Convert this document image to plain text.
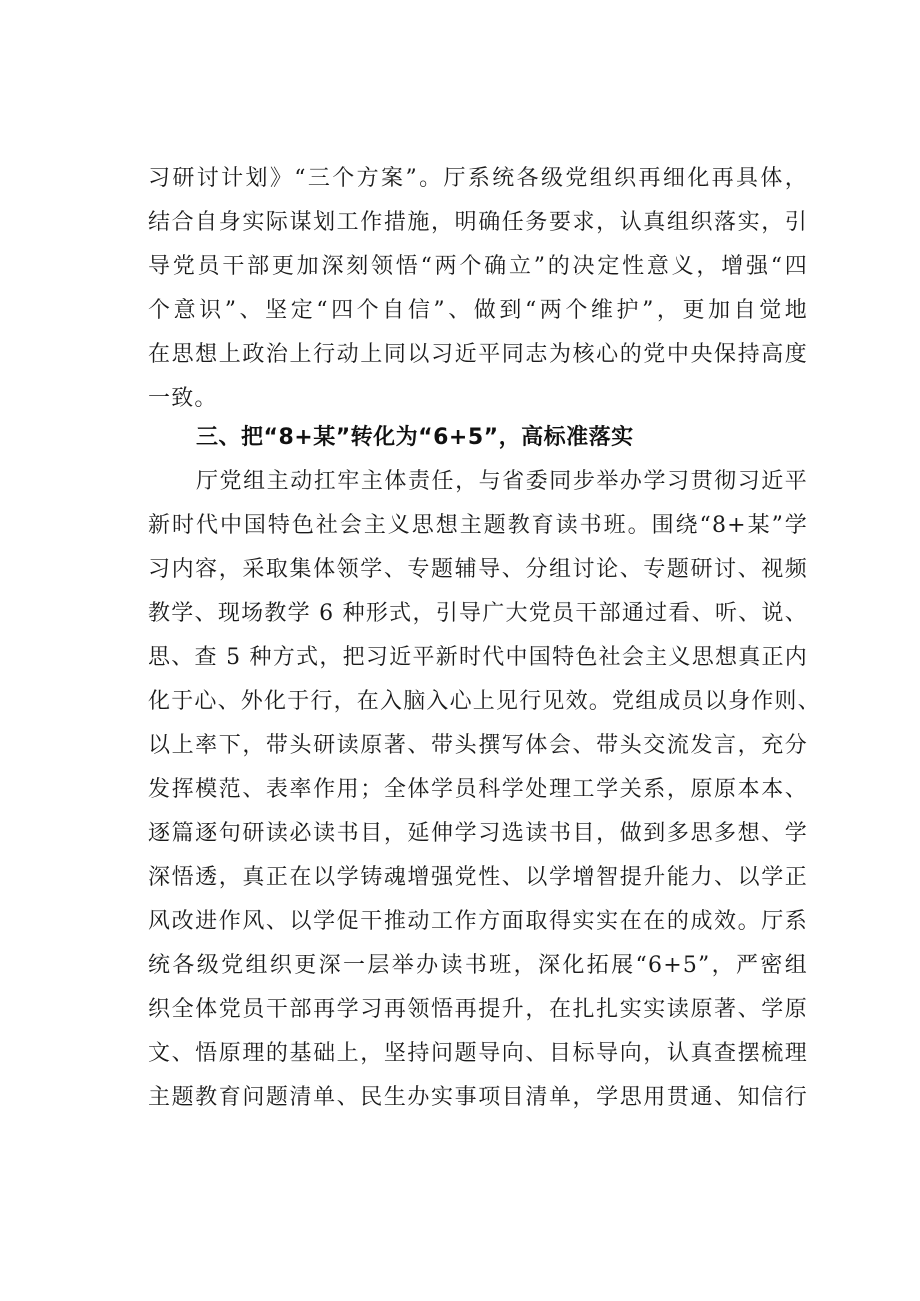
习研讨计划》“三个方案”。厅系统各级党组织再细化再具体，
结合自身实际谋划工作措施，明确任务要求，认真组织落实，引
导党员干部更加深刻领悟“两个确立”的决定性意义，增强“四
个意识”、坚定“四个自信”、做到“两个维护”，更加自觉地
在思想上政治上行动上同以习近平同志为核心的党中央保持高度
一致。
三、把“8+某”转化为“6+5”，高标准落实
厅党组主动扛牢主体责任，与省委同步举办学习贯彻习近平
新时代中国特色社会主义思想主题教育读书班。围绕“8+某”学
习内容，采取集体领学、专题辅导、分组讨论、专题研讨、视频
教学、现场教学 6 种形式，引导广大党员干部通过看、听、说、
思、查 5 种方式，把习近平新时代中国特色社会主义思想真正内
化于心、外化于行，在入脑入心上见行见效。党组成员以身作则、
以上率下，带头研读原著、带头撰写体会、带头交流发言，充分
发挥模范、表率作用；全体学员科学处理工学关系，原原本本、
逐篇逐句研读必读书目，延伸学习选读书目，做到多思多想、学
深悟透，真正在以学铸魂增强党性、以学增智提升能力、以学正
风改进作风、以学促干推动工作方面取得实实在在的成效。厅系
统各级党组织更深一层举办读书班，深化拓展“6+5”，严密组
织全体党员干部再学习再领悟再提升，在扎扎实实读原著、学原
文、悟原理的基础上，坚持问题导向、目标导向，认真查摆梳理
主题教育问题清单、民生办实事项目清单，学思用贯通、知信行
